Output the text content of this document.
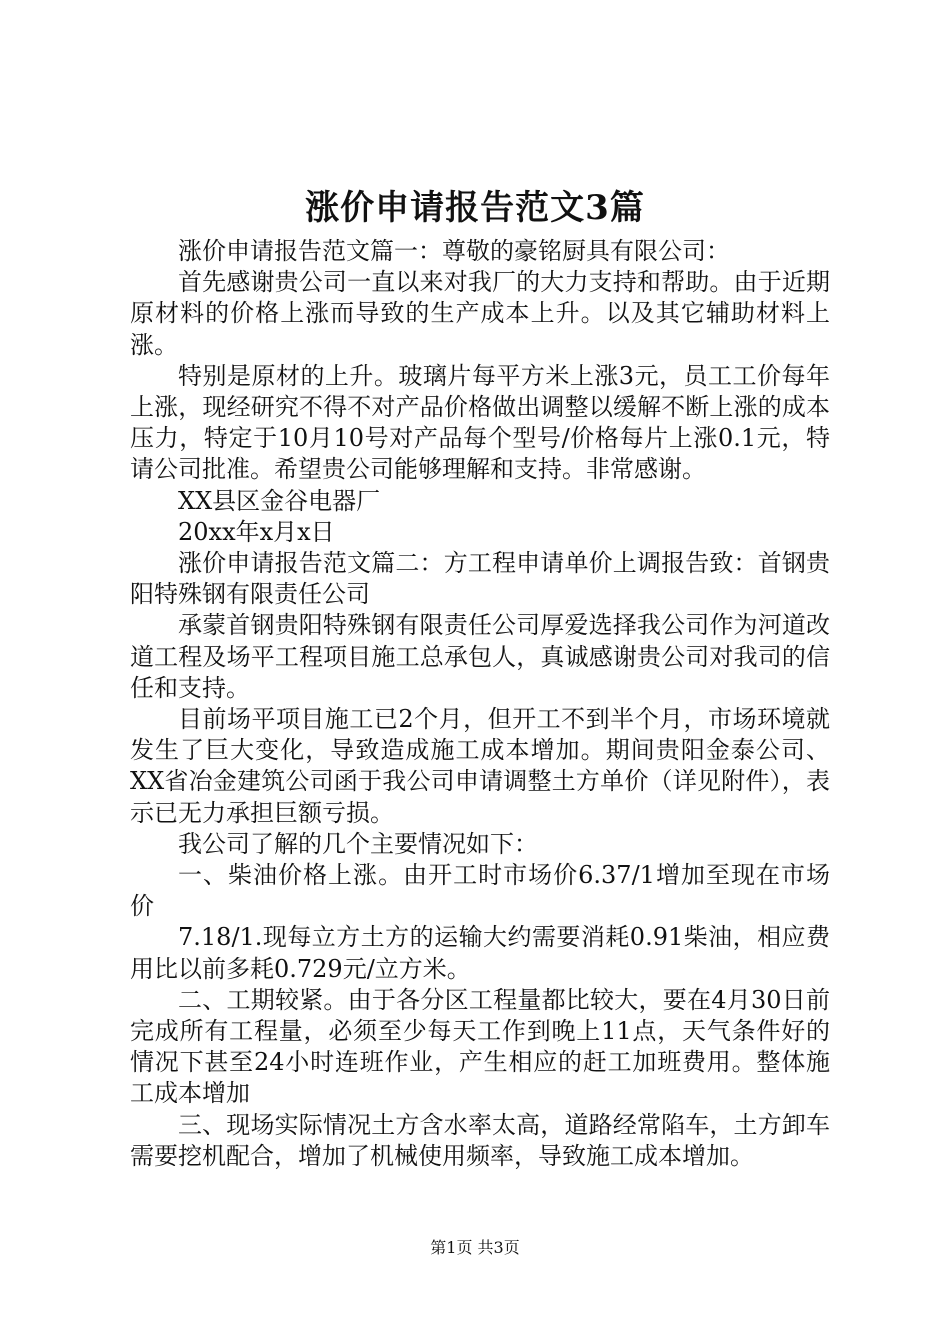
涨价申请报告范文3篇

涨价申请报告范文篇一：尊敬的豪铭厨具有限公司：

首先感谢贵公司一直以来对我厂的大力支持和帮助。由于近期原材料的价格上涨而导致的生产成本上升。以及其它辅助材料上涨。

特别是原材的上升。玻璃片每平方米上涨3元，员工工价每年上涨，现经研究不得不对产品价格做出调整以缓解不断上涨的成本压力，特定于10月10号对产品每个型号/价格每片上涨0.1元，特请公司批准。希望贵公司能够理解和支持。非常感谢。

XX县区金谷电器厂

20xx年x月x日

涨价申请报告范文篇二：方工程申请单价上调报告致：首钢贵阳特殊钢有限责任公司

承蒙首钢贵阳特殊钢有限责任公司厚爱选择我公司作为河道改道工程及场平工程项目施工总承包人，真诚感谢贵公司对我司的信任和支持。

目前场平项目施工已2个月，但开工不到半个月，市场环境就发生了巨大变化，导致造成施工成本增加。期间贵阳金泰公司、XX省冶金建筑公司函于我公司申请调整土方单价（详见附件），表示已无力承担巨额亏损。

我公司了解的几个主要情况如下：

一、柴油价格上涨。由开工时市场价6.37/1增加至现在市场价

7.18/1.现每立方土方的运输大约需要消耗0.91柴油，相应费用比以前多耗0.729元/立方米。

二、工期较紧。由于各分区工程量都比较大，要在4月30日前完成所有工程量，必须至少每天工作到晚上11点，天气条件好的情况下甚至24小时连班作业，产生相应的赶工加班费用。整体施工成本增加

三、现场实际情况土方含水率太高，道路经常陷车，土方卸车需要挖机配合，增加了机械使用频率，导致施工成本增加。

第1页 共3页
